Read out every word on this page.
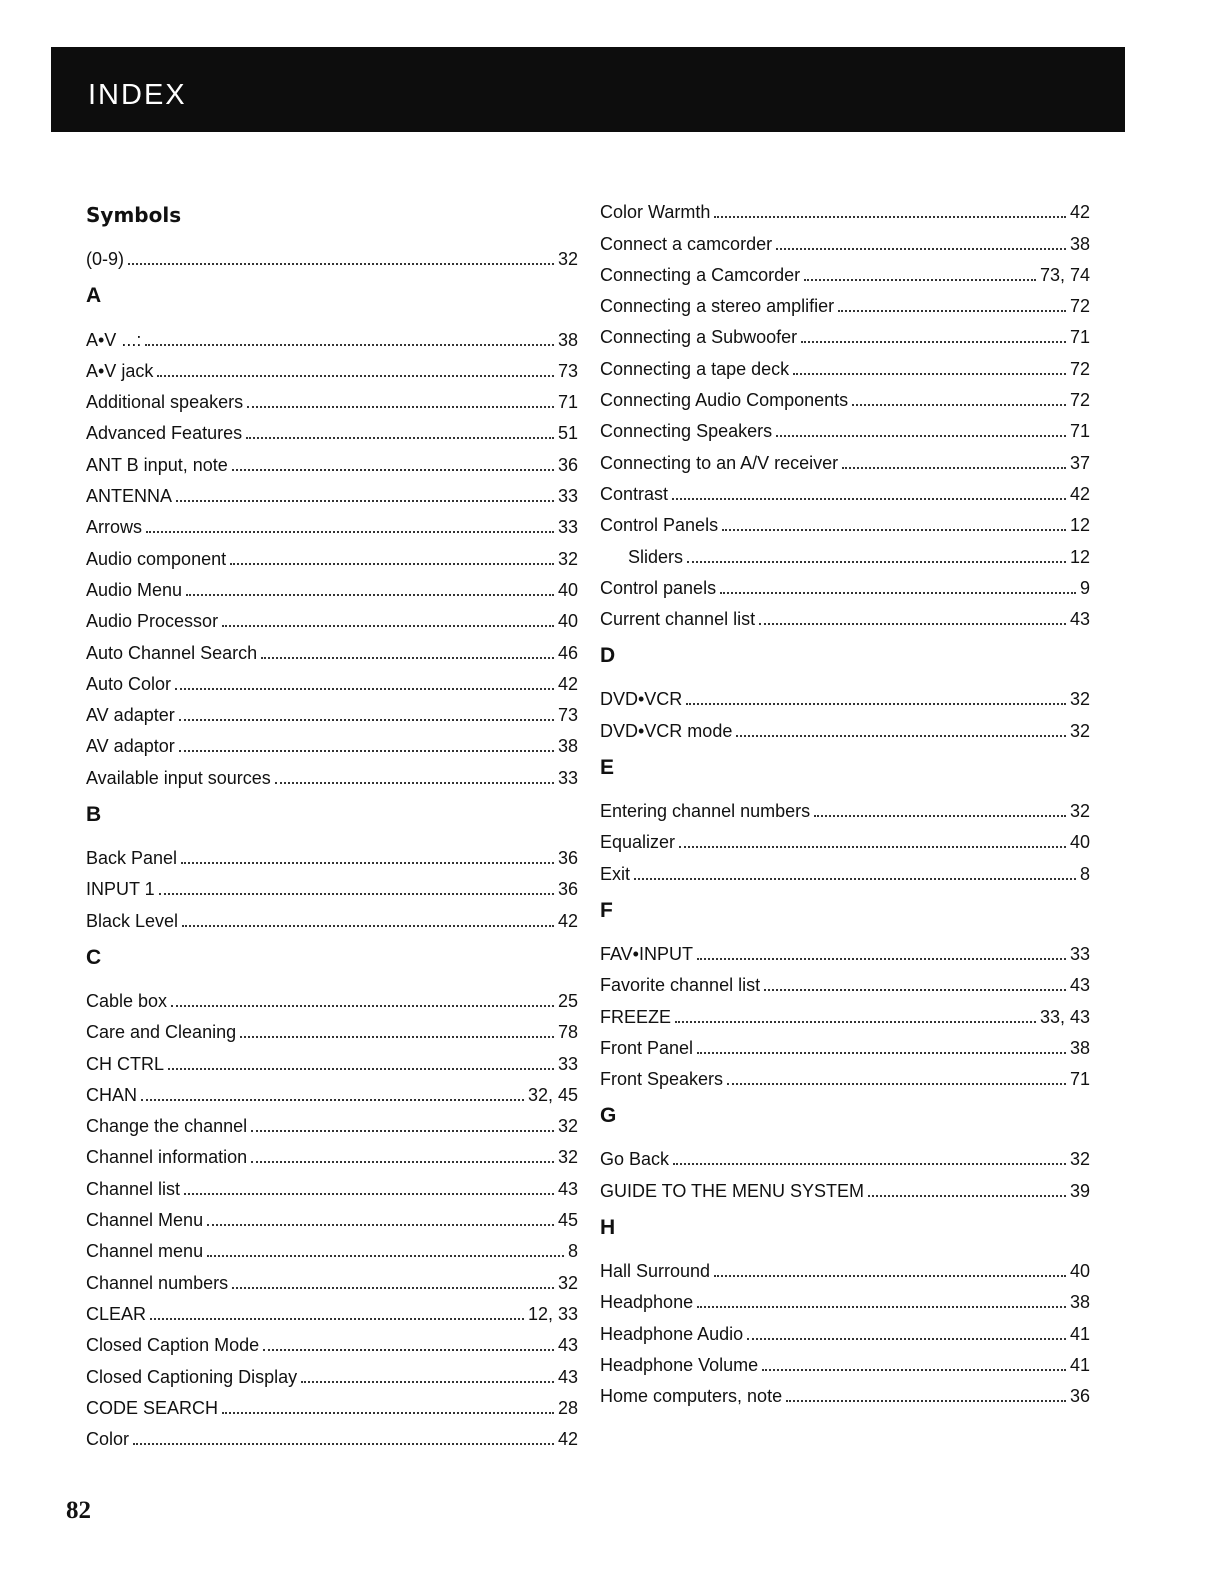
INDEX
Symbols
(0-9)	32
A
A•V ...:	38
A•V jack	73
Additional speakers	71
Advanced Features	51
ANT B input, note	36
ANTENNA	33
Arrows	33
Audio component	32
Audio Menu	40
Audio Processor	40
Auto Channel Search	46
Auto Color	42
AV adapter	73
AV adaptor	38
Available input sources	33
B
Back Panel	36
INPUT 1	36
Black Level	42
C
Cable box	25
Care and Cleaning	78
CH CTRL	33
CHAN	32, 45
Change the channel	32
Channel information	32
Channel list	43
Channel Menu	45
Channel menu	8
Channel numbers	32
CLEAR	12, 33
Closed Caption Mode	43
Closed Captioning Display	43
CODE SEARCH	28
Color	42
Color Warmth	42
Connect a camcorder	38
Connecting a Camcorder	73, 74
Connecting a stereo amplifier	72
Connecting a Subwoofer	71
Connecting a tape deck	72
Connecting Audio Components	72
Connecting Speakers	71
Connecting to an A/V receiver	37
Contrast	42
Control Panels	12
Sliders	12
Control panels	9
Current channel list	43
D
DVD•VCR	32
DVD•VCR mode	32
E
Entering channel numbers	32
Equalizer	40
Exit	8
F
FAV•INPUT	33
Favorite channel list	43
FREEZE	33, 43
Front Panel	38
Front Speakers	71
G
Go Back	32
GUIDE TO THE MENU SYSTEM	39
H
Hall Surround	40
Headphone	38
Headphone Audio	41
Headphone Volume	41
Home computers, note	36
82
